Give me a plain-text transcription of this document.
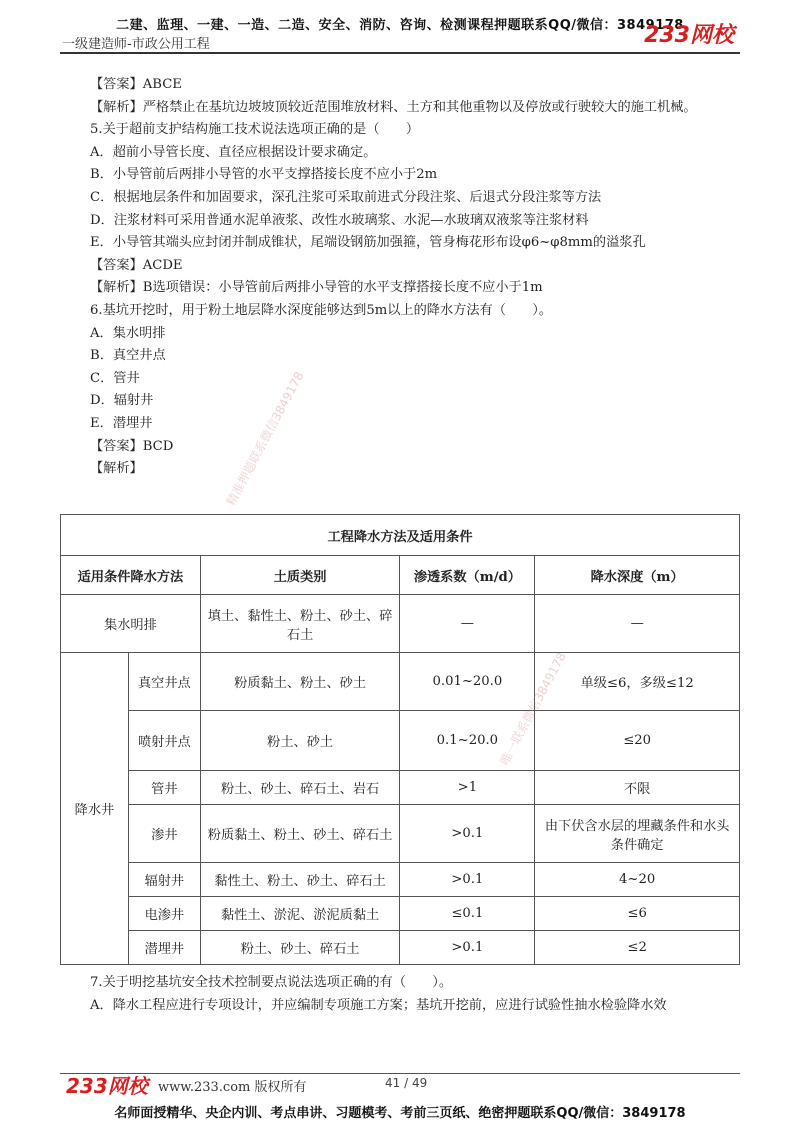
二建、监理、一建、一造、二造、安全、消防、咨询、检测课程押题联系QQ/微信：3849178
一级建造师-市政公用工程	233网校

【答案】ABCE

【解析】严格禁止在基坑边坡坡顶较近范围堆放材料、土方和其他重物以及停放或行驶较大的施工机械。

5.关于超前支护结构施工技术说法选项正确的是（　　）

A．超前小导管长度、直径应根据设计要求确定。

B．小导管前后两排小导管的水平支撑搭接长度不应小于2m

C．根据地层条件和加固要求，深孔注浆可采取前进式分段注浆、后退式分段注浆等方法

D．注浆材料可采用普通水泥单液浆、改性水玻璃浆、水泥—水玻璃双液浆等注浆材料

E．小导管其端头应封闭并制成锥状，尾端设钢筋加强箍，管身梅花形布设φ6~φ8mm的溢浆孔

【答案】ACDE

【解析】B选项错误：小导管前后两排小导管的水平支撑搭接长度不应小于1m

6.基坑开挖时，用于粉土地层降水深度能够达到5m以上的降水方法有（　　）。

A．集水明排

B．真空井点

C．管井

D．辐射井

E．潜埋井

【答案】BCD

【解析】

工程降水方法及适用条件				
适用条件降水方法		土质类别	渗透系数（m/d）	降水深度（m）
集水明排		填土、黏性土、粉土、砂土、碎石土	—	—
降水井	真空井点	粉质黏土、粉土、砂土	0.01~20.0	单级≤6，多级≤12
	喷射井点	粉土、砂土	0.1~20.0	≤20
	管井	粉土、砂土、碎石土、岩石	>1	不限
	渗井	粉质黏土、粉土、砂土、碎石土	>0.1	由下伏含水层的埋藏条件和水头条件确定
	辐射井	黏性土、粉土、砂土、碎石土	>0.1	4~20
	电渗井	黏性土、淤泥、淤泥质黏土	≤0.1	≤6
	潜埋井	粉土、砂土、碎石土	>0.1	≤2

7.关于明挖基坑安全技术控制要点说法选项正确的有（　　）。

A．降水工程应进行专项设计，并应编制专项施工方案；基坑开挖前，应进行试验性抽水检验降水效

精准押题联系微信3849178
唯一联系微信3849178
233网校 www.233.com 版权所有	41 / 49
名师面授精华、央企内训、考点串讲、习题模考、考前三页纸、绝密押题联系QQ/微信：3849178
